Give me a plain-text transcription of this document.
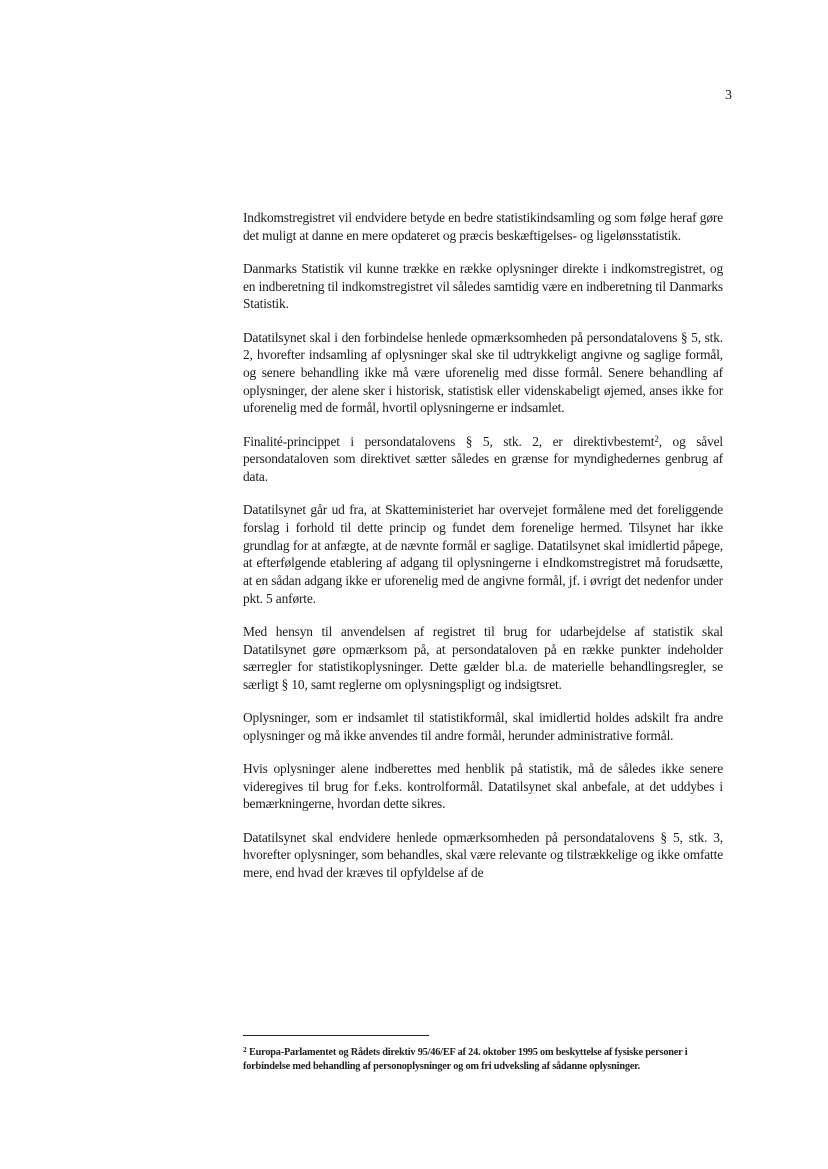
3

Indkomstregistret vil endvidere betyde en bedre statistikindsamling og som følge heraf gøre det muligt at danne en mere opdateret og præcis beskæftigelses- og ligelønsstatistik.

Danmarks Statistik vil kunne trække en række oplysninger direkte i indkomstregistret, og en indberetning til indkomstregistret vil således samtidig være en indberetning til Danmarks Statistik.

Datatilsynet skal i den forbindelse henlede opmærksomheden på persondatalovens § 5, stk. 2, hvorefter indsamling af oplysninger skal ske til udtrykkeligt angivne og saglige formål, og senere behandling ikke må være uforenelig med disse formål. Senere behandling af oplysninger, der alene sker i historisk, statistisk eller videnskabeligt øjemed, anses ikke for uforenelig med de formål, hvortil oplysningerne er indsamlet.

Finalité-princippet i persondatalovens § 5, stk. 2, er direktivbestemt$^2$, og såvel persondataloven som direktivet sætter således en grænse for myndighedernes genbrug af data.

Datatilsynet går ud fra, at Skatteministeriet har overvejet formålene med det foreliggende forslag i forhold til dette princip og fundet dem forenelige hermed. Tilsynet har ikke grundlag for at anfægte, at de nævnte formål er saglige. Datatilsynet skal imidlertid påpege, at efterfølgende etablering af adgang til oplysningerne i eIndkomstregistret må forudsætte, at en sådan adgang ikke er uforenelig med de angivne formål, jf. i øvrigt det nedenfor under pkt. 5 anførte.

Med hensyn til anvendelsen af registret til brug for udarbejdelse af statistik skal Datatilsynet gøre opmærksom på, at persondataloven på en række punkter indeholder særregler for statistikoplysninger. Dette gælder bl.a. de materielle behandlingsregler, se særligt § 10, samt reglerne om oplysningspligt og indsigtsret.

Oplysninger, som er indsamlet til statistikformål, skal imidlertid holdes adskilt fra andre oplysninger og må ikke anvendes til andre formål, herunder administrative formål.

Hvis oplysninger alene indberettes med henblik på statistik, må de således ikke senere videregives til brug for f.eks. kontrolformål. Datatilsynet skal anbefale, at det uddybes i bemærkningerne, hvordan dette sikres.

Datatilsynet skal endvidere henlede opmærksomheden på persondatalovens § 5, stk. 3, hvorefter oplysninger, som behandles, skal være relevante og tilstrækkelige og ikke omfatte mere, end hvad der kræves til opfyldelse af de

$^2$ Europa-Parlamentet og Rådets direktiv 95/46/EF af 24. oktober 1995 om beskyttelse af fysiske personer i forbindelse med behandling af personoplysninger og om fri udveksling af sådanne oplysninger.
